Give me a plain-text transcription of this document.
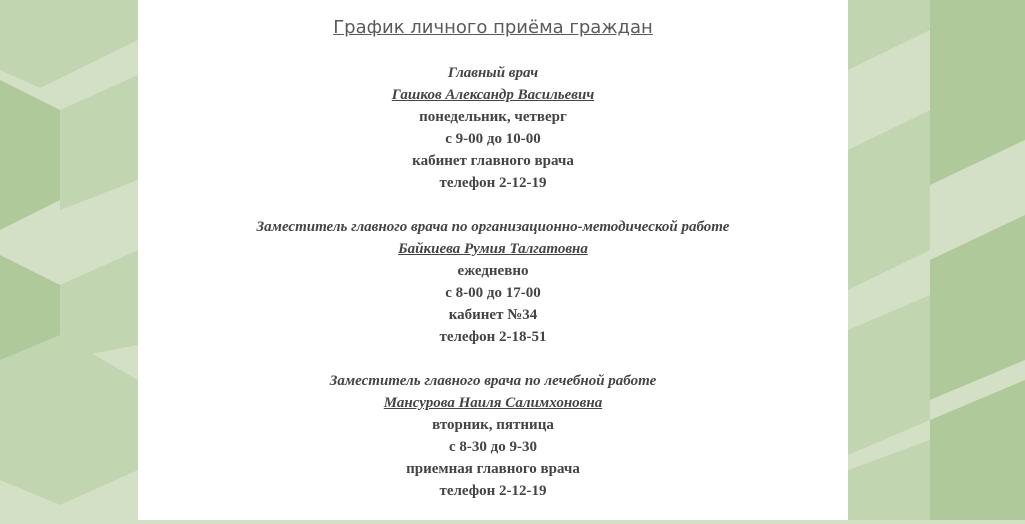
График личного приёма граждан
Главный врач
Гашков Александр Васильевич
понедельник, четверг
с 9-00 до 10-00
кабинет главного врача
телефон 2-12-19
Заместитель главного врача по организационно-методической работе
Байкиева Румия Талгатовна
ежедневно
с 8-00 до 17-00
кабинет №34
телефон 2-18-51
Заместитель главного врача по лечебной работе
Мансурова Наиля Салимхоновна
вторник, пятница
с 8-30 до 9-30
приемная главного врача
телефон 2-12-19
